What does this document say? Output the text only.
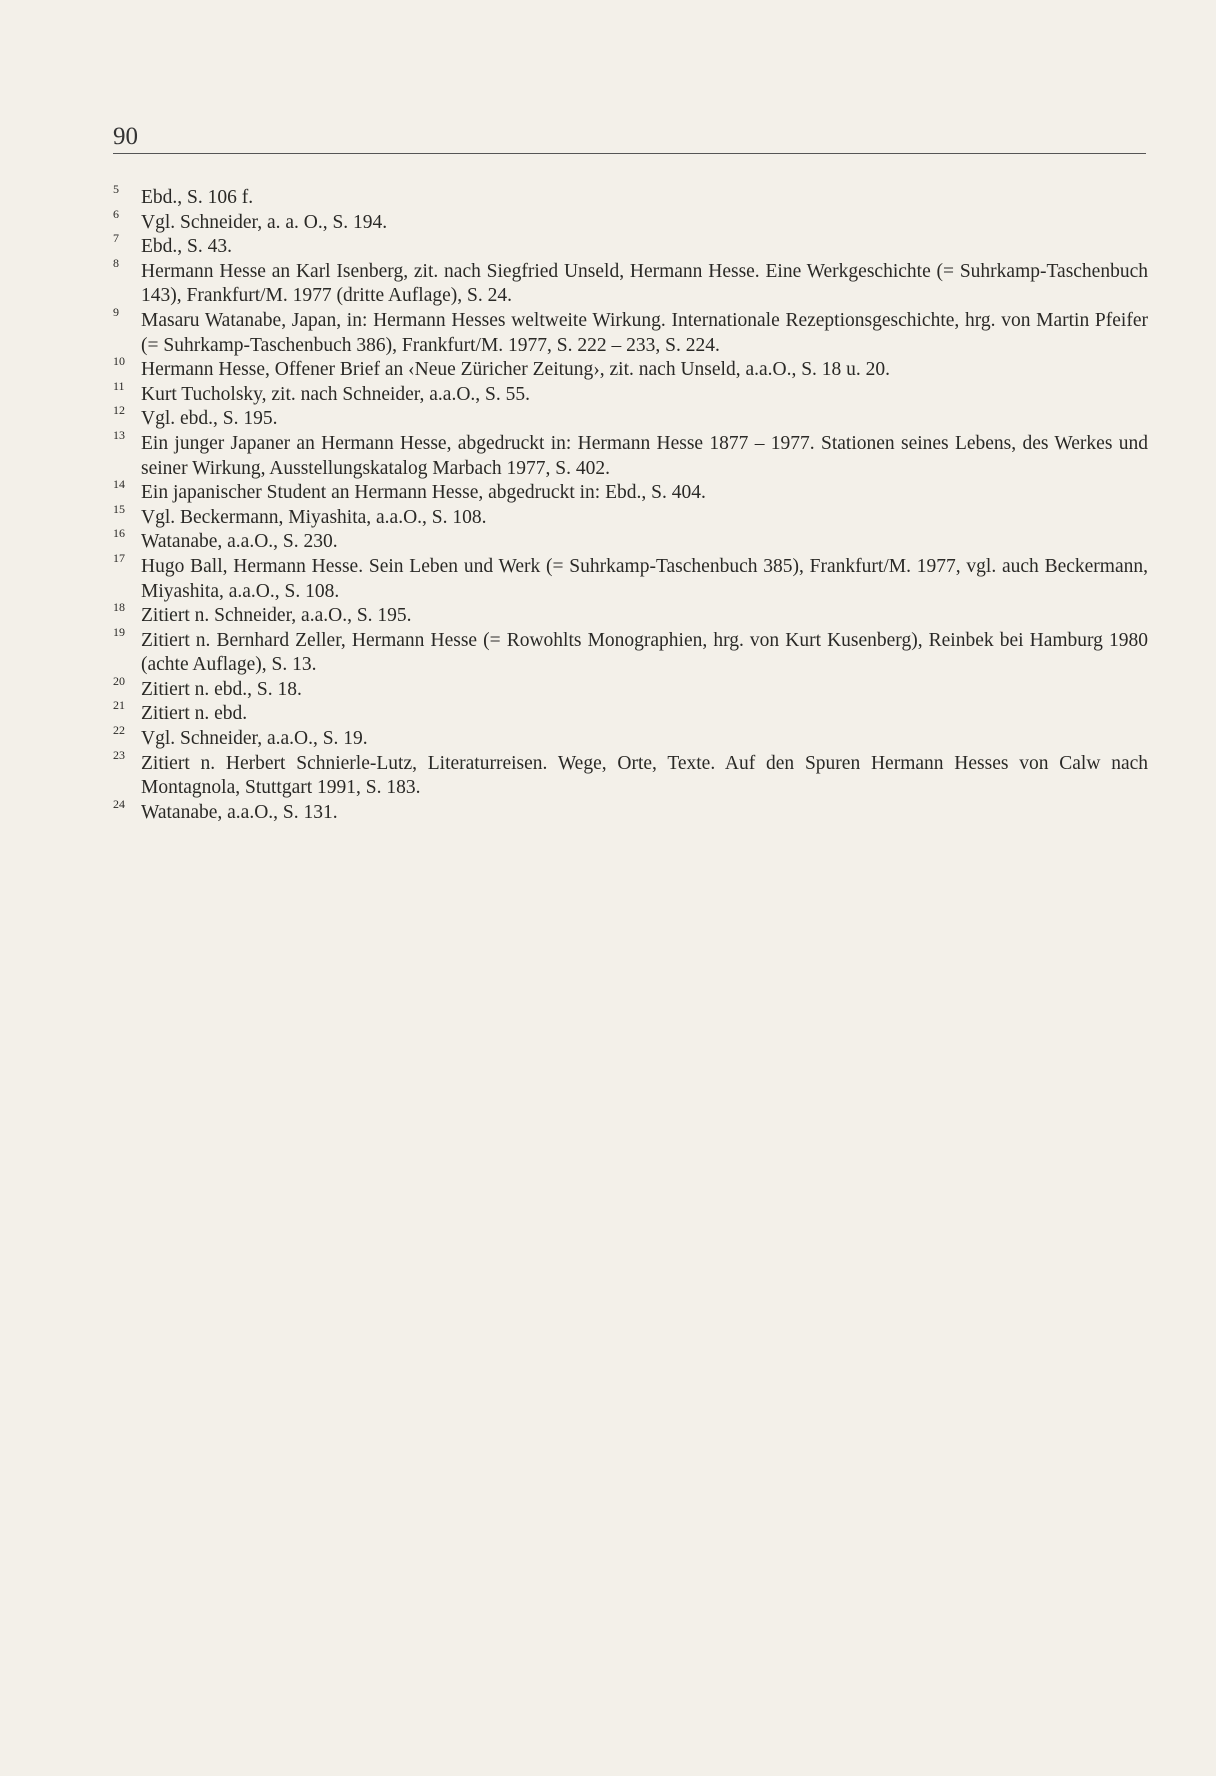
90
5	Ebd., S. 106 f.
6	Vgl. Schneider, a. a. O., S. 194.
7	Ebd., S. 43.
8	Hermann Hesse an Karl Isenberg, zit. nach Siegfried Unseld, Hermann Hesse. Eine Werkgeschichte (= Suhrkamp-Taschenbuch 143), Frankfurt/M. 1977 (dritte Auflage), S. 24.
9	Masaru Watanabe, Japan, in: Hermann Hesses weltweite Wirkung. Internationale Rezeptionsgeschichte, hrg. von Martin Pfeifer (= Suhrkamp-Taschenbuch 386), Frankfurt/M. 1977, S. 222 – 233, S. 224.
10 Hermann Hesse, Offener Brief an ‹Neue Züricher Zeitung›, zit. nach Unseld, a.a.O., S. 18 u. 20.
11 Kurt Tucholsky, zit. nach Schneider, a.a.O., S. 55.
12 Vgl. ebd., S. 195.
13 Ein junger Japaner an Hermann Hesse, abgedruckt in: Hermann Hesse 1877 – 1977. Stationen seines Lebens, des Werkes und seiner Wirkung, Ausstellungskatalog Marbach 1977, S. 402.
14 Ein japanischer Student an Hermann Hesse, abgedruckt in: Ebd., S. 404.
15 Vgl. Beckermann, Miyashita, a.a.O., S. 108.
16 Watanabe, a.a.O., S. 230.
17 Hugo Ball, Hermann Hesse. Sein Leben und Werk (= Suhrkamp-Taschenbuch 385), Frankfurt/M. 1977, vgl. auch Beckermann, Miyashita, a.a.O., S. 108.
18 Zitiert n. Schneider, a.a.O., S. 195.
19 Zitiert n. Bernhard Zeller, Hermann Hesse (= Rowohlts Monographien, hrg. von Kurt Kusenberg), Reinbek bei Hamburg 1980 (achte Auflage), S. 13.
20 Zitiert n. ebd., S. 18.
21 Zitiert n. ebd.
22 Vgl. Schneider, a.a.O., S. 19.
23 Zitiert n. Herbert Schnierle-Lutz, Literaturreisen. Wege, Orte, Texte. Auf den Spuren Hermann Hesses von Calw nach Montagnola, Stuttgart 1991, S. 183.
24 Watanabe, a.a.O., S. 131.
